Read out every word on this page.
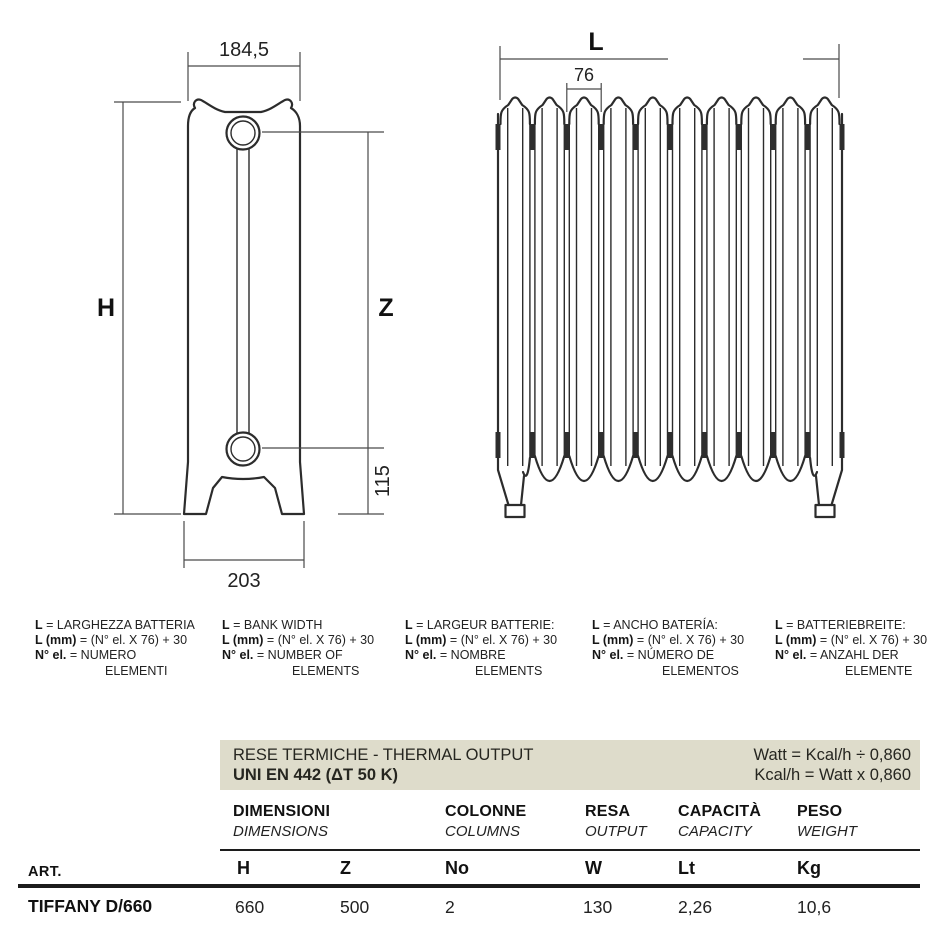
184,5
H	Z
115
203
L
76
L = LARGHEZZA BATTERIA
L (mm) = (N° el. X 76) + 30
N° el. = NUMERO
ELEMENTI
L = BANK WIDTH
L (mm) = (N° el. X 76) + 30
N° el. = NUMBER OF
ELEMENTS
L = LARGEUR BATTERIE:
L (mm) = (N° el. X 76) + 30
N° el. = NOMBRE
ELEMENTS
L = ANCHO BATERÍA:
L (mm) = (N° el. X 76) + 30
N° el. = NÚMERO DE
ELEMENTOS
L = BATTERIEBREITE:
L (mm) = (N° el. X 76) + 30
N° el. = ANZAHL DER
ELEMENTE
RESE TERMICHE - THERMAL OUTPUT
UNI EN 442 (ΔT 50 K)
Watt = Kcal/h ÷ 0,860
Kcal/h = Watt x 0,860
DIMENSIONI
DIMENSIONS
COLONNE
COLUMNS
RESA
OUTPUT
CAPACITÀ
CAPACITY
PESO
WEIGHT
ART.	H	Z	No	W	Lt	Kg
TIFFANY D/660	660	500	2	130	2,26	10,6
